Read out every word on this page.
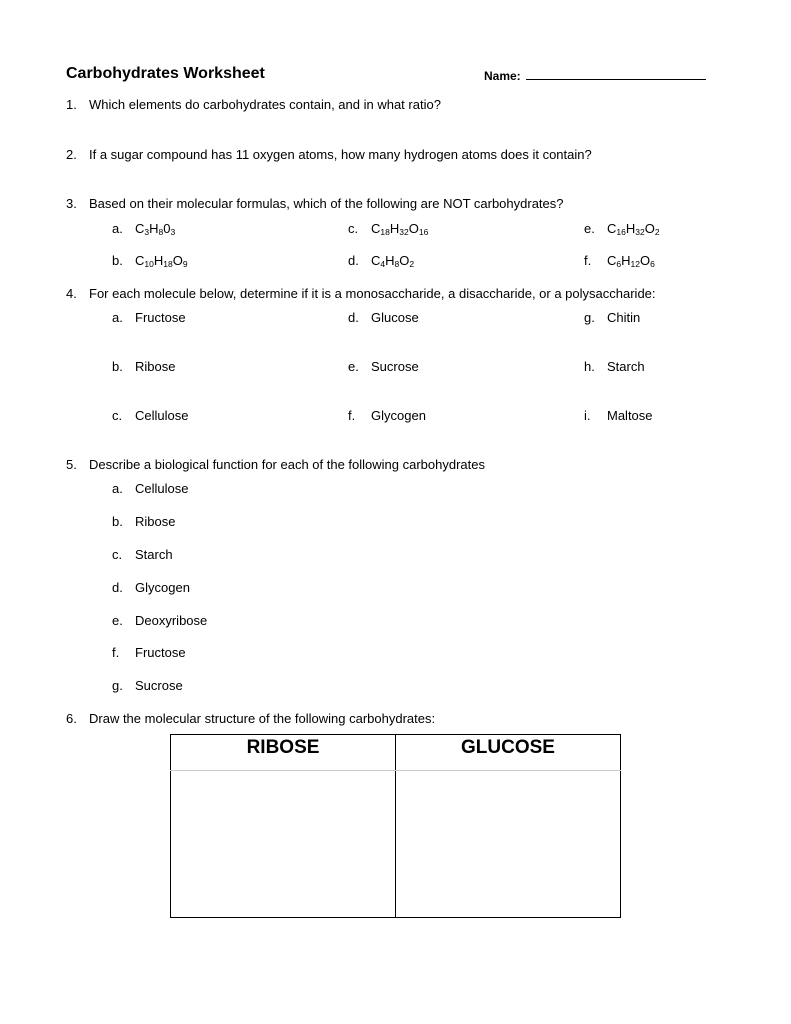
Carbohydrates Worksheet	Name:
1. Which elements do carbohydrates contain, and in what ratio?
2. If a sugar compound has 11 oxygen atoms, how many hydrogen atoms does it contain?
3. Based on their molecular formulas, which of the following are NOT carbohydrates?
a. $C_3H_80_3$	c. $C_{18}H_{32}O_{16}$	e. $C_{16}H_{32}O_2$
b. $C_{10}H_{18}O_9$	d. $C_4H_8O_2$	f. $C_6H_{12}O_6$
4. For each molecule below, determine if it is a monosaccharide, a disaccharide, or a polysaccharide:
a. Fructose	d. Glucose	g. Chitin
b. Ribose	e. Sucrose	h. Starch
c. Cellulose	f. Glycogen	i. Maltose
5. Describe a biological function for each of the following carbohydrates
a. Cellulose
b. Ribose
c. Starch
d. Glycogen
e. Deoxyribose
f. Fructose
g. Sucrose
6. Draw the molecular structure of the following carbohydrates:
RIBOSE	GLUCOSE
